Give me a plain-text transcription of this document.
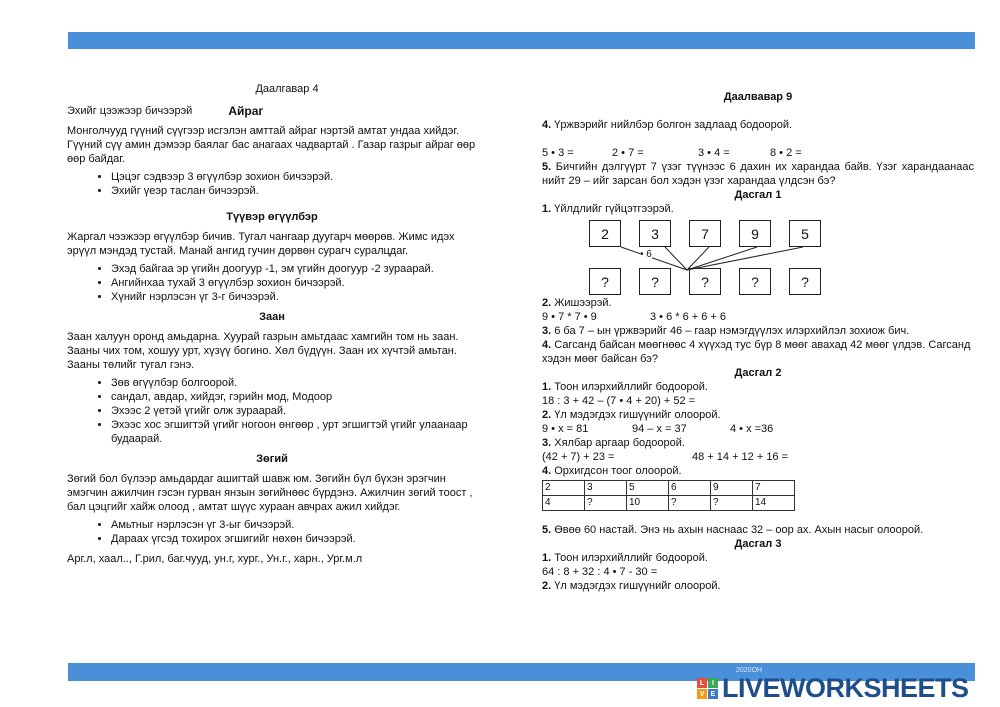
Даалгавар 4

Эхийг цээжээр бичээрэй	Айраг

Монголчууд гүүний сүүгээр исгэлэн амттай айраг нэртэй амтат ундаа хийдэг. Гүүний сүү амин дэмээр баялаг бас анагаах чадвартай . Газар газрыг айраг өөр өөр байдаг.

• Цэцэг сэдвээр 3 өгүүлбэр зохион бичээрэй.
• Эхийг үеэр таслан бичээрэй.

Түүвэр өгүүлбэр

Жаргал чээжээр өгүүлбэр бичив. Тугал чангаар дуугарч мөөрөв. Жимс идэх эрүүл мэндэд тустай. Манай ангид гучин дөрвөн сурагч суралцдаг.

• Эхэд байгаа эр үгийн доогуур -1, эм үгийн доогуур -2 зураарай.
• Ангийнхаа тухай 3 өгүүлбэр зохион бичээрэй.
• Хүнийг нэрлэсэн үг 3-г бичээрэй.

Заан

Заан халуун оронд амьдарна. Хуурай газрын амьтдаас хамгийн том нь заан. Зааны чих том, хошуу урт, хүзүү богино. Хөл бүдүүн. Заан их хүчтэй амьтан. Зааны төлийг тугал гэнэ.

• Зөв өгүүлбэр болгоорой.
• сандал, авдар, хийдэг, гэрийн мод, Модоор
• Эхээс 2 үетэй үгийг олж зураарай.
• Эхээс хос эгшигтэй үгийг ногоон өнгөөр , урт эгшигтэй үгийг улаанаар будаарай.

Зөгий

Зөгий бол бүлээр амьдардаг ашигтай шавж юм. Зөгийн бүл бүхэн эрэгчин эмэгчин ажилчин гэсэн гурван янзын зөгийнөөс бүрдэнэ. Ажилчин зөгий тоост , бал цэцгийг хайж олоод , амтат шүүс хураан авчрах ажил хийдэг.

• Амьтныг нэрлэсэн үг 3-ыг бичээрэй.
• Дараах үгсэд тохирох эгшигийг нөхөн бичээрэй.

Арг.л, хаал.., Г.рил, баг.чууд, ун.г, хург., Ун.г., харн., Ург.м.л

Даалвавар 9

4. Үржвэрийг нийлбэр болгон задлаад бодоорой.

5 • 3 =	2 • 7 =	3 • 4 =	8 • 2 =

5. Бичгийн дэлгүүрт 7 үзэг түүнээс 6 дахин их харандаа байв. Үзэг харандаанаас нийт 29 – ийг зарсан бол хэдэн үзэг харандаа үлдсэн бэ?

Дасгал 1

1. Үйлдлийг гүйцэтгээрэй.

2	3	7	9	5
• 6
?	?	?	?	?

2. Жишээрэй.

9 • 7 * 7 • 9	3 • 6 * 6 + 6 + 6

3. 6 ба 7 – ын үржвэрийг 46 – гаар нэмэгдүүлэх илэрхийлэл зохиож бич.

4. Сагсанд байсан мөөгнөөс 4 хүүхэд тус бүр 8 мөөг авахад 42 мөөг үлдэв. Сагсанд хэдэн мөөг байсан бэ?

Дасгал 2

1. Тоон илэрхийллийг бодоорой.

18 : 3 + 42 – (7 • 4 + 20) + 52 =

2. Үл мэдэгдэх гишүүнийг олоорой.

9 • x = 81	94 – x = 37	4 • x =36

3. Хялбар аргаар бодоорой.

(42 + 7) + 23 =	48 + 14 + 12 + 16 =

4. Орхигдсон тоог олоорой.

2	3	5	6	9	7
4	?	10	?	?	14

5. Өвөө 60 настай. Энэ нь ахын наснаас 32 – оор ах. Ахын насыг олоорой.

Дасгал 3

1. Тоон илэрхийллийг бодоорой.

64 : 8 + 32 : 4 • 7 - 30 =

2. Үл мэдэгдэх гишүүнийг олоорой.

2020ОН
L	I
V E LIVEWORKSHEETS
